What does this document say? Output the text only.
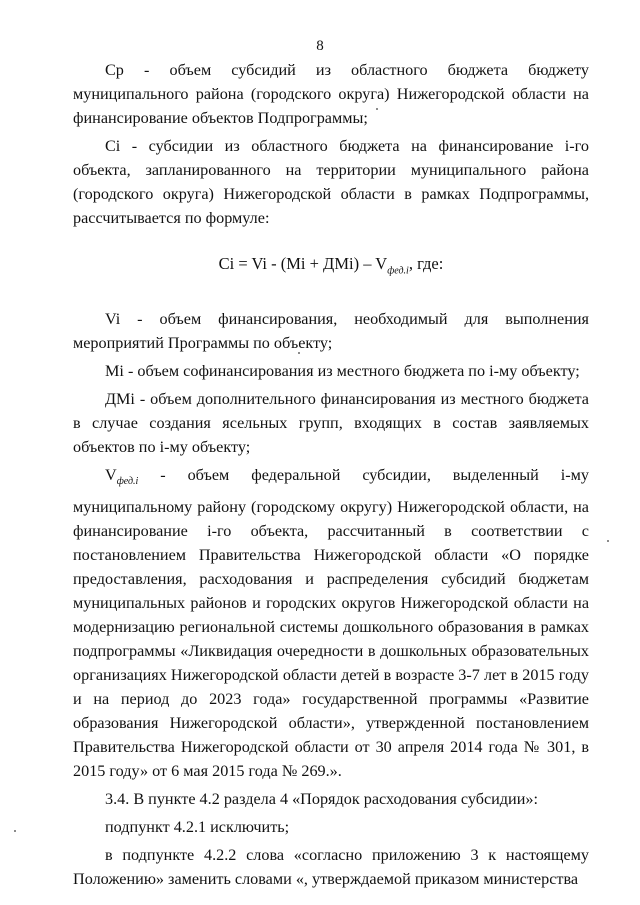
8

Cp - объем субсидий из областного бюджета бюджету муниципального района (городского округа) Нижегородской области на финансирование объектов Подпрограммы;

Ci - субсидии из областного бюджета на финансирование i-го объекта, запланированного на территории муниципального района (городского округа) Нижегородской области в рамках Подпрограммы, рассчитывается по формуле:

$Ci = Vi - (Mi + ДMi) - V_{фед.i}$, где:

Vi - объем финансирования, необходимый для выполнения мероприятий Программы по объекту;

Mi - объем софинансирования из местного бюджета по i-му объекту;

ДMi - объем дополнительного финансирования из местного бюджета в случае создания ясельных групп, входящих в состав заявляемых объектов по i-му объекту;

$V_{фед.i}$ - объем федеральной субсидии, выделенный i-му муниципальному району (городскому округу) Нижегородской области, на финансирование i-го объекта, рассчитанный в соответствии с постановлением Правительства Нижегородской области «О порядке предоставления, расходования и распределения субсидий бюджетам муниципальных районов и городских округов Нижегородской области на модернизацию региональной системы дошкольного образования в рамках подпрограммы «Ликвидация очередности в дошкольных образовательных организациях Нижегородской области детей в возрасте 3-7 лет в 2015 году и на период до 2023 года» государственной программы «Развитие образования Нижегородской области», утвержденной постановлением Правительства Нижегородской области от 30 апреля 2014 года № 301, в 2015 году» от 6 мая 2015 года № 269.».

3.4. В пункте 4.2 раздела 4 «Порядок расходования субсидии»:

подпункт 4.2.1 исключить;

в подпункте 4.2.2 слова «согласно приложению 3 к настоящему Положению» заменить словами «, утверждаемой приказом министерства
